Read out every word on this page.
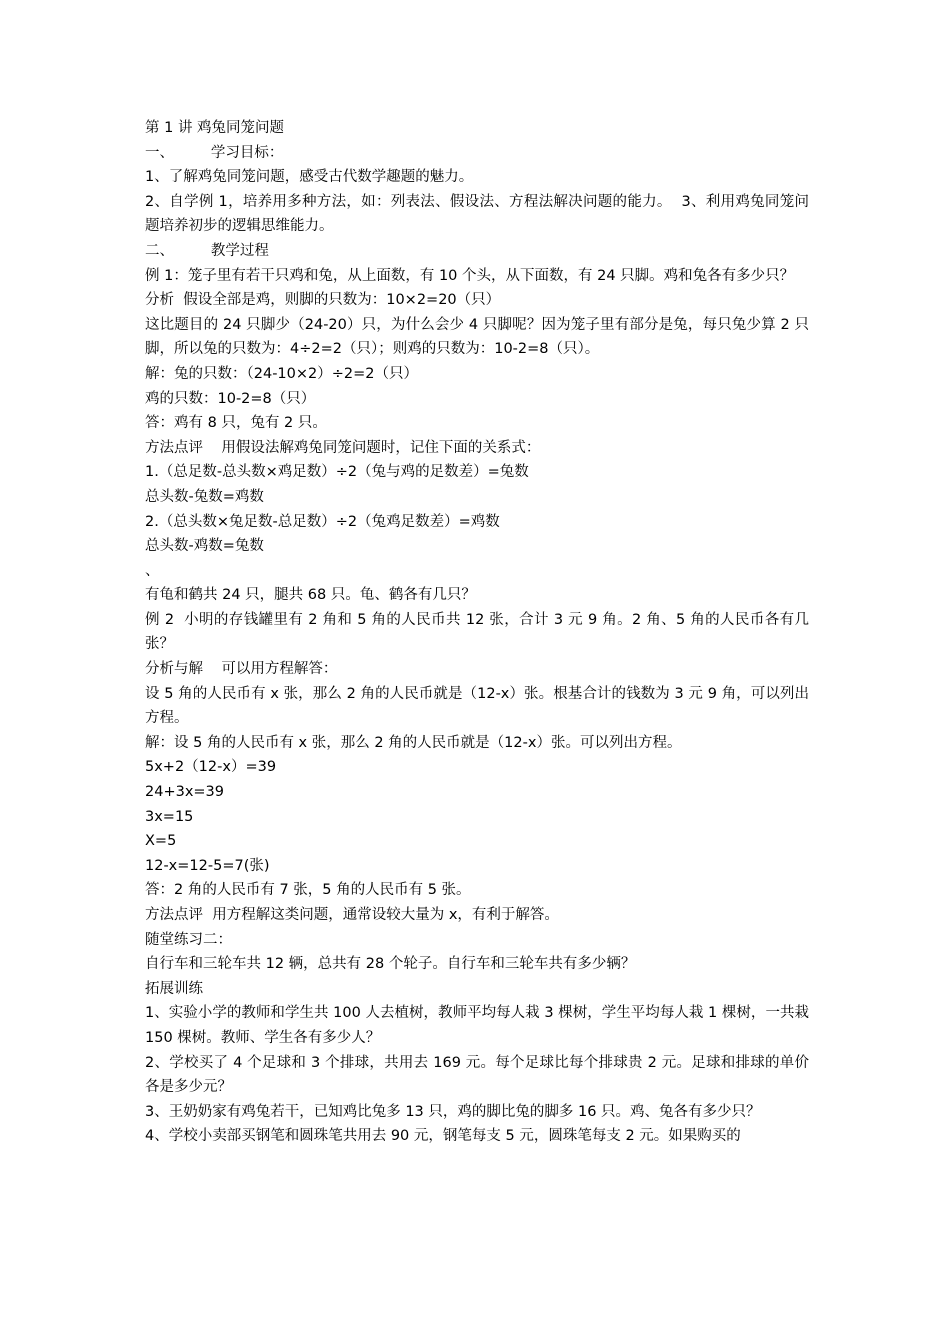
第 1 讲 鸡兔同笼问题
一、        学习目标：
1、了解鸡兔同笼问题，感受古代数学趣题的魅力。
2、自学例 1，培养用多种方法，如：列表法、假设法、方程法解决问题的能力。  3、利用鸡兔同笼问题培养初步的逻辑思维能力。
二、        教学过程
例 1：笼子里有若干只鸡和兔，从上面数，有 10 个头，从下面数，有 24 只脚。鸡和兔各有多少只？
分析  假设全部是鸡，则脚的只数为：10×2=20（只）
这比题目的 24 只脚少（24-20）只，为什么会少 4 只脚呢？因为笼子里有部分是兔，每只兔少算 2 只脚，所以兔的只数为：4÷2=2（只）；则鸡的只数为：10-2=8（只）。
解：兔的只数：（24-10×2）÷2=2（只）
鸡的只数：10-2=8（只）
答：鸡有 8 只，兔有 2 只。
方法点评    用假设法解鸡兔同笼问题时，记住下面的关系式：
1.（总足数-总头数×鸡足数）÷2（兔与鸡的足数差）=兔数
总头数-兔数=鸡数
2.（总头数×兔足数-总足数）÷2（兔鸡足数差）=鸡数
总头数-鸡数=兔数
、
有龟和鹤共 24 只，腿共 68 只。龟、鹤各有几只？
例 2  小明的存钱罐里有 2 角和 5 角的人民币共 12 张，合计 3 元 9 角。2 角、5 角的人民币各有几张？
分析与解    可以用方程解答：
设 5 角的人民币有 x 张，那么 2 角的人民币就是（12-x）张。根基合计的钱数为 3 元 9 角，可以列出方程。
解：设 5 角的人民币有 x 张，那么 2 角的人民币就是（12-x）张。可以列出方程。
5x+2（12-x）=39
24+3x=39
3x=15
X=5
12-x=12-5=7(张)
答：2 角的人民币有 7 张，5 角的人民币有 5 张。
方法点评  用方程解这类问题，通常设较大量为 x，有利于解答。
随堂练习二：
自行车和三轮车共 12 辆，总共有 28 个轮子。自行车和三轮车共有多少辆？
拓展训练
1、实验小学的教师和学生共 100 人去植树，教师平均每人栽 3 棵树，学生平均每人栽 1 棵树，一共栽 150 棵树。教师、学生各有多少人？
2、学校买了 4 个足球和 3 个排球，共用去 169 元。每个足球比每个排球贵 2 元。足球和排球的单价各是多少元？
3、王奶奶家有鸡兔若干，已知鸡比兔多 13 只，鸡的脚比兔的脚多 16 只。鸡、兔各有多少只？
4、学校小卖部买钢笔和圆珠笔共用去 90 元，钢笔每支 5 元，圆珠笔每支 2 元。如果购买的
